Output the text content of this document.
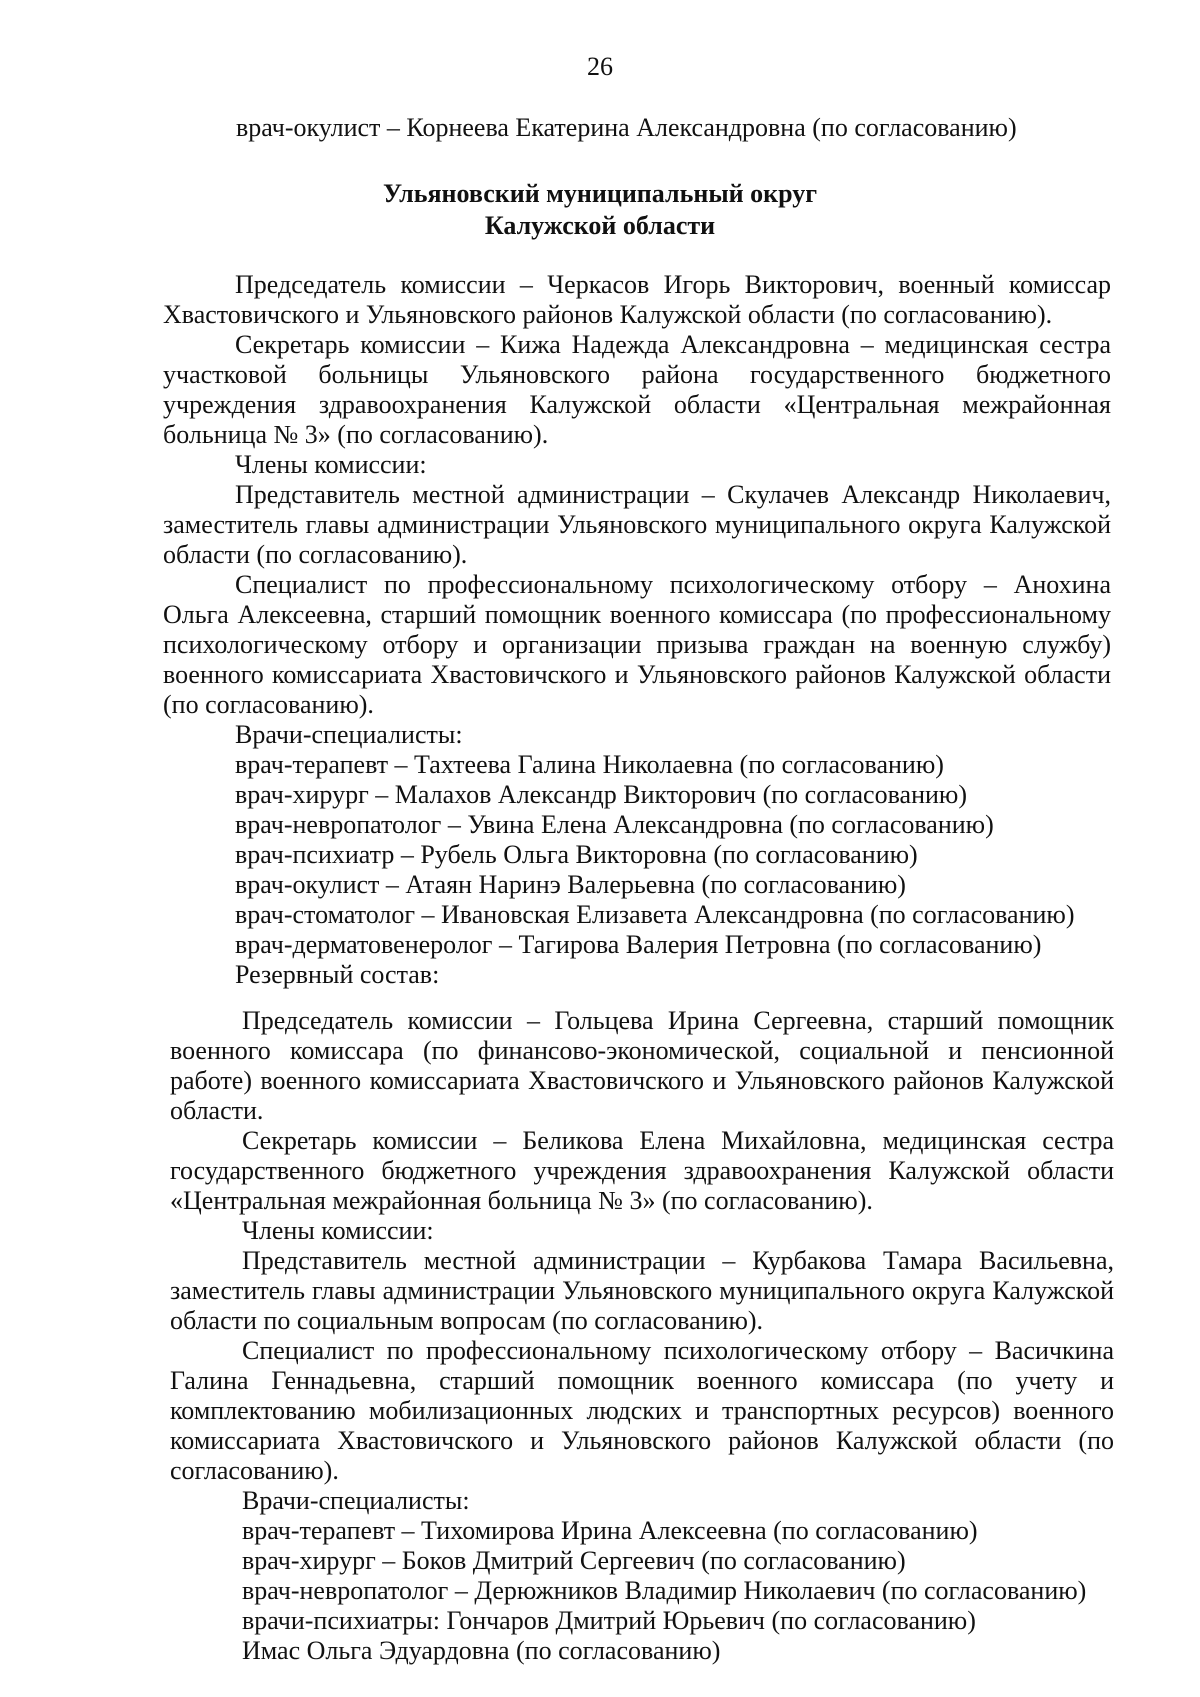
26
врач-окулист – Корнеева Екатерина Александровна (по согласованию)
Ульяновский муниципальный округ
Калужской области

Председатель комиссии – Черкасов Игорь Викторович, военный комиссар Хвастовичского и Ульяновского районов Калужской области (по согласованию).

Секретарь комиссии – Кижа Надежда Александровна – медицинская сестра участковой больницы Ульяновского района государственного бюджетного учреждения здравоохранения Калужской области «Центральная межрайонная больница № 3» (по согласованию).

Члены комиссии:

Представитель местной администрации – Скулачев Александр Николаевич, заместитель главы администрации Ульяновского муниципального округа Калужской области (по согласованию).

Специалист по профессиональному психологическому отбору – Анохина Ольга Алексеевна, старший помощник военного комиссара (по профессиональному психологическому отбору и организации призыва граждан на военную службу) военного комиссариата Хвастовичского и Ульяновского районов Калужской области (по согласованию).

Врачи-специалисты:

врач-терапевт – Тахтеева Галина Николаевна (по согласованию)

врач-хирург – Малахов Александр Викторович (по согласованию)

врач-невропатолог – Увина Елена Александровна (по согласованию)

врач-психиатр – Рубель Ольга Викторовна (по согласованию)

врач-окулист – Атаян Наринэ Валерьевна (по согласованию)

врач-стоматолог – Ивановская Елизавета Александровна (по согласованию)

врач-дерматовенеролог – Тагирова Валерия Петровна (по согласованию)

Резервный состав:

Председатель комиссии – Гольцева Ирина Сергеевна, старший помощник военного комиссара (по финансово-экономической, социальной и пенсионной работе) военного комиссариата Хвастовичского и Ульяновского районов Калужской области.

Секретарь комиссии – Беликова Елена Михайловна, медицинская сестра государственного бюджетного учреждения здравоохранения Калужской области «Центральная межрайонная больница № 3» (по согласованию).

Члены комиссии:

Представитель местной администрации – Курбакова Тамара Васильевна, заместитель главы администрации Ульяновского муниципального округа Калужской области по социальным вопросам (по согласованию).

Специалист по профессиональному психологическому отбору – Васичкина Галина Геннадьевна, старший помощник военного комиссара (по учету и комплектованию мобилизационных людских и транспортных ресурсов) военного комиссариата Хвастовичского и Ульяновского районов Калужской области (по согласованию).

Врачи-специалисты:

врач-терапевт – Тихомирова Ирина Алексеевна (по согласованию)

врач-хирург – Боков Дмитрий Сергеевич (по согласованию)

врач-невропатолог – Дерюжников Владимир Николаевич (по согласованию)

врачи-психиатры: Гончаров Дмитрий Юрьевич (по согласованию)

Имас Ольга Эдуардовна (по согласованию)
